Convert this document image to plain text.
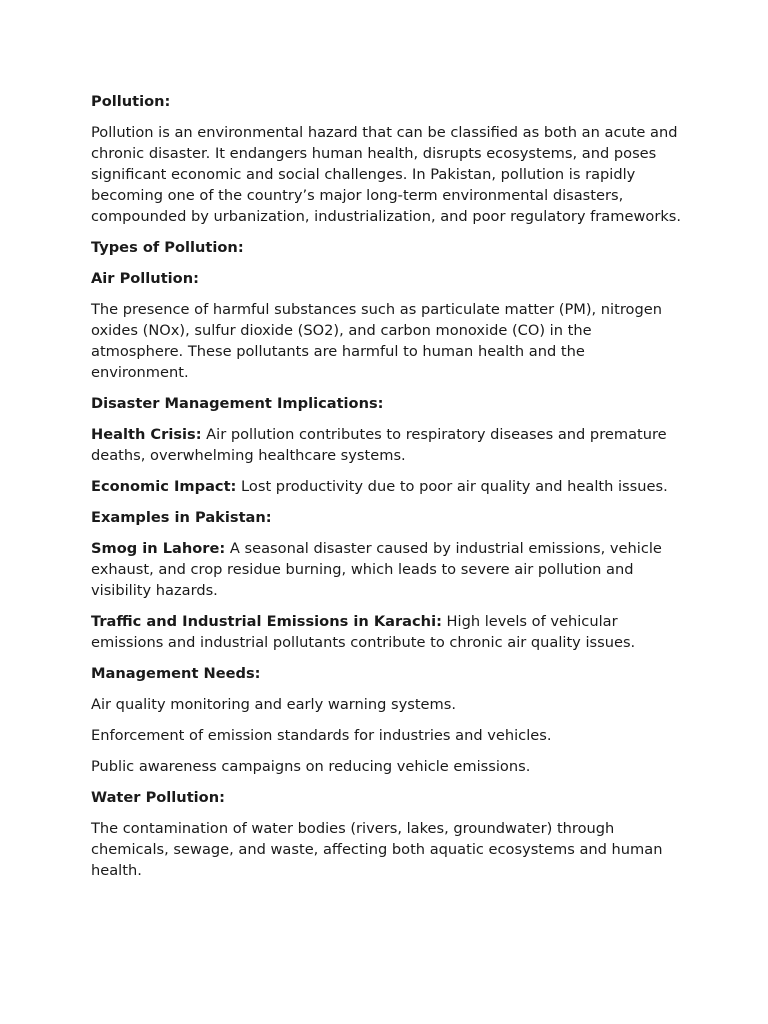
Pollution:

Pollution is an environmental hazard that can be classified as both an acute and chronic disaster. It endangers human health, disrupts ecosystems, and poses significant economic and social challenges. In Pakistan, pollution is rapidly becoming one of the country’s major long-term environmental disasters, compounded by urbanization, industrialization, and poor regulatory frameworks.

Types of Pollution:

Air Pollution:

The presence of harmful substances such as particulate matter (PM), nitrogen oxides (NOx), sulfur dioxide (SO2), and carbon monoxide (CO) in the atmosphere. These pollutants are harmful to human health and the environment.

Disaster Management Implications:

Health Crisis: Air pollution contributes to respiratory diseases and premature deaths, overwhelming healthcare systems.

Economic Impact: Lost productivity due to poor air quality and health issues.

Examples in Pakistan:

Smog in Lahore: A seasonal disaster caused by industrial emissions, vehicle exhaust, and crop residue burning, which leads to severe air pollution and visibility hazards.

Traffic and Industrial Emissions in Karachi: High levels of vehicular emissions and industrial pollutants contribute to chronic air quality issues.

Management Needs:

Air quality monitoring and early warning systems.

Enforcement of emission standards for industries and vehicles.

Public awareness campaigns on reducing vehicle emissions.

Water Pollution:

The contamination of water bodies (rivers, lakes, groundwater) through chemicals, sewage, and waste, affecting both aquatic ecosystems and human health.
